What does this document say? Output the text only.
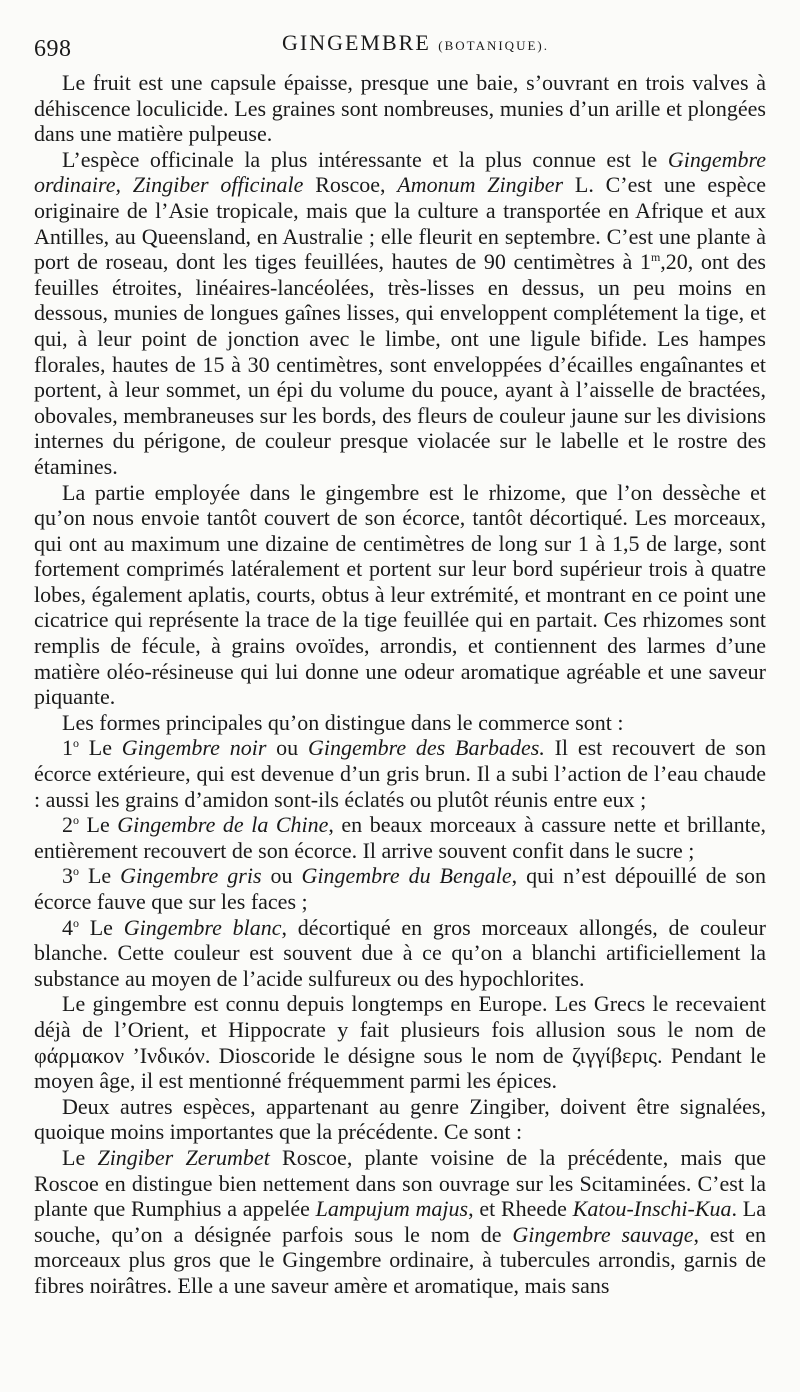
698	GINGEMBRE (BOTANIQUE).

Le fruit est une capsule épaisse, presque une baie, s’ouvrant en trois valves à déhiscence loculicide. Les graines sont nombreuses, munies d’un arille et plongées dans une matière pulpeuse.

L’espèce officinale la plus intéressante et la plus connue est le Gingembre ordinaire, Zingiber officinale Roscoe, Amonum Zingiber L. C’est une espèce originaire de l’Asie tropicale, mais que la culture a transportée en Afrique et aux Antilles, au Queensland, en Australie ; elle fleurit en septembre. C’est une plante à port de roseau, dont les tiges feuillées, hautes de 90 centimètres à 1$^m$,20, ont des feuilles étroites, linéaires-lancéolées, très-lisses en dessus, un peu moins en dessous, munies de longues gaînes lisses, qui enveloppent complétement la tige, et qui, à leur point de jonction avec le limbe, ont une ligule bifide. Les hampes florales, hautes de 15 à 30 centimètres, sont enveloppées d’écailles engaînantes et portent, à leur sommet, un épi du volume du pouce, ayant à l’aisselle de bractées, obovales, membraneuses sur les bords, des fleurs de couleur jaune sur les divisions internes du périgone, de couleur presque violacée sur le labelle et le rostre des étamines.

La partie employée dans le gingembre est le rhizome, que l’on dessèche et qu’on nous envoie tantôt couvert de son écorce, tantôt décortiqué. Les morceaux, qui ont au maximum une dizaine de centimètres de long sur 1 à 1,5 de large, sont fortement comprimés latéralement et portent sur leur bord supérieur trois à quatre lobes, également aplatis, courts, obtus à leur extrémité, et montrant en ce point une cicatrice qui représente la trace de la tige feuillée qui en partait. Ces rhizomes sont remplis de fécule, à grains ovoïdes, arrondis, et contiennent des larmes d’une matière oléo-résineuse qui lui donne une odeur aromatique agréable et une saveur piquante.

Les formes principales qu’on distingue dans le commerce sont :

1$^o$ Le Gingembre noir ou Gingembre des Barbades. Il est recouvert de son écorce extérieure, qui est devenue d’un gris brun. Il a subi l’action de l’eau chaude : aussi les grains d’amidon sont-ils éclatés ou plutôt réunis entre eux ;

2$^o$ Le Gingembre de la Chine, en beaux morceaux à cassure nette et brillante, entièrement recouvert de son écorce. Il arrive souvent confit dans le sucre ;

3$^o$ Le Gingembre gris ou Gingembre du Bengale, qui n’est dépouillé de son écorce fauve que sur les faces ;

4$^o$ Le Gingembre blanc, décortiqué en gros morceaux allongés, de couleur blanche. Cette couleur est souvent due à ce qu’on a blanchi artificiellement la substance au moyen de l’acide sulfureux ou des hypochlorites.

Le gingembre est connu depuis longtemps en Europe. Les Grecs le recevaient déjà de l’Orient, et Hippocrate y fait plusieurs fois allusion sous le nom de φάρμακον ’Ινδικόν. Dioscoride le désigne sous le nom de ζιγγίβερις. Pendant le moyen âge, il est mentionné fréquemment parmi les épices.

Deux autres espèces, appartenant au genre Zingiber, doivent être signalées, quoique moins importantes que la précédente. Ce sont :

Le Zingiber Zerumbet Roscoe, plante voisine de la précédente, mais que Roscoe en distingue bien nettement dans son ouvrage sur les Scitaminées. C’est la plante que Rumphius a appelée Lampujum majus, et Rheede Katou-Inschi-Kua. La souche, qu’on a désignée parfois sous le nom de Gingembre sauvage, est en morceaux plus gros que le Gingembre ordinaire, à tubercules arrondis, garnis de fibres noirâtres. Elle a une saveur amère et aromatique, mais sans
